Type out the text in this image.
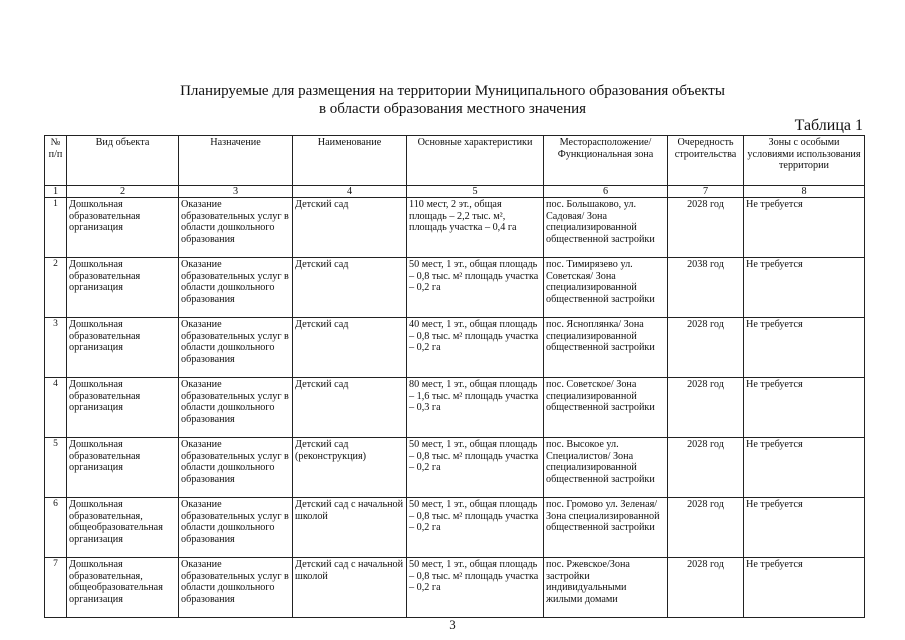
Планируемые для размещения на территории Муниципального образования объекты
в области образования местного значения
Таблица 1
№ п/п	Вид объекта	Назначение	Наименование	Основные характеристики	Месторасположение/ Функциональная зона	Очередность строительства	Зоны с особыми условиями использования территории
1	2	3	4	5	6	7	8
1	Дошкольная образовательная организация	Оказание образовательных услуг в области дошкольного образования	Детский сад	110 мест, 2 эт., общая площадь – 2,2 тыс. м², площадь участка – 0,4 га	пос. Большаково, ул. Садовая/ Зона специализированной общественной застройки	2028 год	Не требуется
2	Дошкольная образовательная организация	Оказание образовательных услуг в области дошкольного образования	Детский сад	50 мест, 1 эт., общая площадь – 0,8 тыс. м² площадь участка – 0,2 га	пос. Тимирязево ул. Советская/ Зона специализированной общественной застройки	2038 год	Не требуется
3	Дошкольная образовательная организация	Оказание образовательных услуг в области дошкольного образования	Детский сад	40 мест, 1 эт., общая площадь – 0,8 тыс. м² площадь участка – 0,2 га	пос. Ясноплянка/ Зона специализированной общественной застройки	2028 год	Не требуется
4	Дошкольная образовательная организация	Оказание образовательных услуг в области дошкольного образования	Детский сад	80 мест, 1 эт., общая площадь – 1,6 тыс. м² площадь участка – 0,3 га	пос. Советское/ Зона специализированной общественной застройки	2028 год	Не требуется
5	Дошкольная образовательная организация	Оказание образовательных услуг в области дошкольного образования	Детский сад (реконструкция)	50 мест, 1 эт., общая площадь – 0,8 тыс. м² площадь участка – 0,2 га	пос. Высокое ул. Специалистов/ Зона специализированной общественной застройки	2028 год	Не требуется
6	Дошкольная образовательная, общеобразовательная организация	Оказание образовательных услуг в области дошкольного образования	Детский сад с начальной школой	50 мест, 1 эт., общая площадь – 0,8 тыс. м² площадь участка – 0,2 га	пос. Громово ул. Зеленая/ Зона специализированной общественной застройки	2028 год	Не требуется
7	Дошкольная образовательная, общеобразовательная организация	Оказание образовательных услуг в области дошкольного образования	Детский сад с начальной школой	50 мест, 1 эт., общая площадь – 0,8 тыс. м² площадь участка – 0,2 га	пос. Ржевское/Зона застройки индивидуальными жилыми домами	2028 год	Не требуется
3
